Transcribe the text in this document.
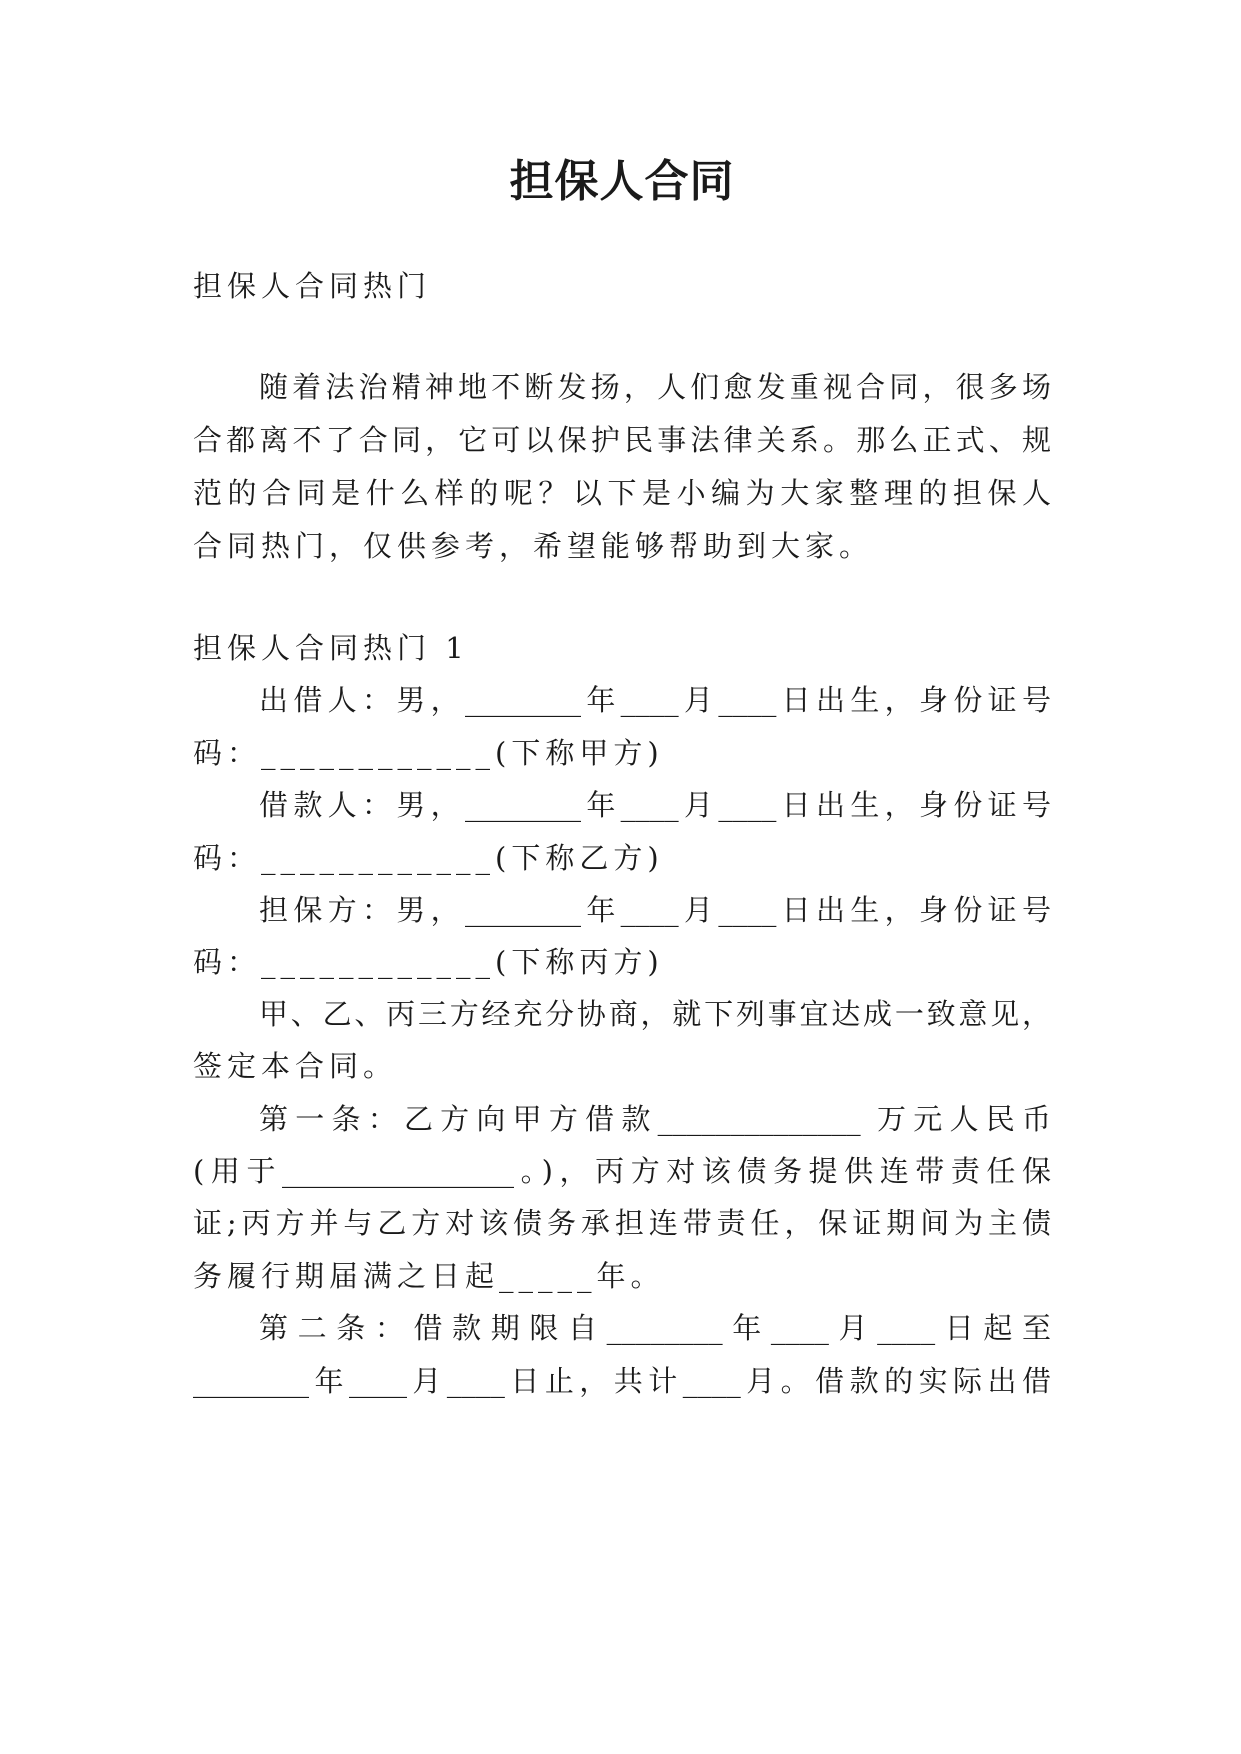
担保人合同
担保人合同热门
随着法治精神地不断发扬，人们愈发重视合同，很多场
合都离不了合同，它可以保护民事法律关系。那么正式、规
范的合同是什么样的呢？以下是小编为大家整理的担保人
合同热门，仅供参考，希望能够帮助到大家。
担保人合同热门 1
出借人：男，________年____月____日出生，身份证号
码：____________(下称甲方)
借款人：男，________年____月____日出生，身份证号
码：____________(下称乙方)
担保方：男，________年____月____日出生，身份证号
码：____________(下称丙方)
甲、乙、丙三方经充分协商，就下列事宜达成一致意见，
签定本合同。
第一条：乙方向甲方借款______________ 万元人民币
(用于________________。)，丙方对该债务提供连带责任保
证;丙方并与乙方对该债务承担连带责任，保证期间为主债
务履行期届满之日起_____年。
第二条：借款期限自________年____月____日起至
________年____月____日止，共计____月。借款的实际出借
